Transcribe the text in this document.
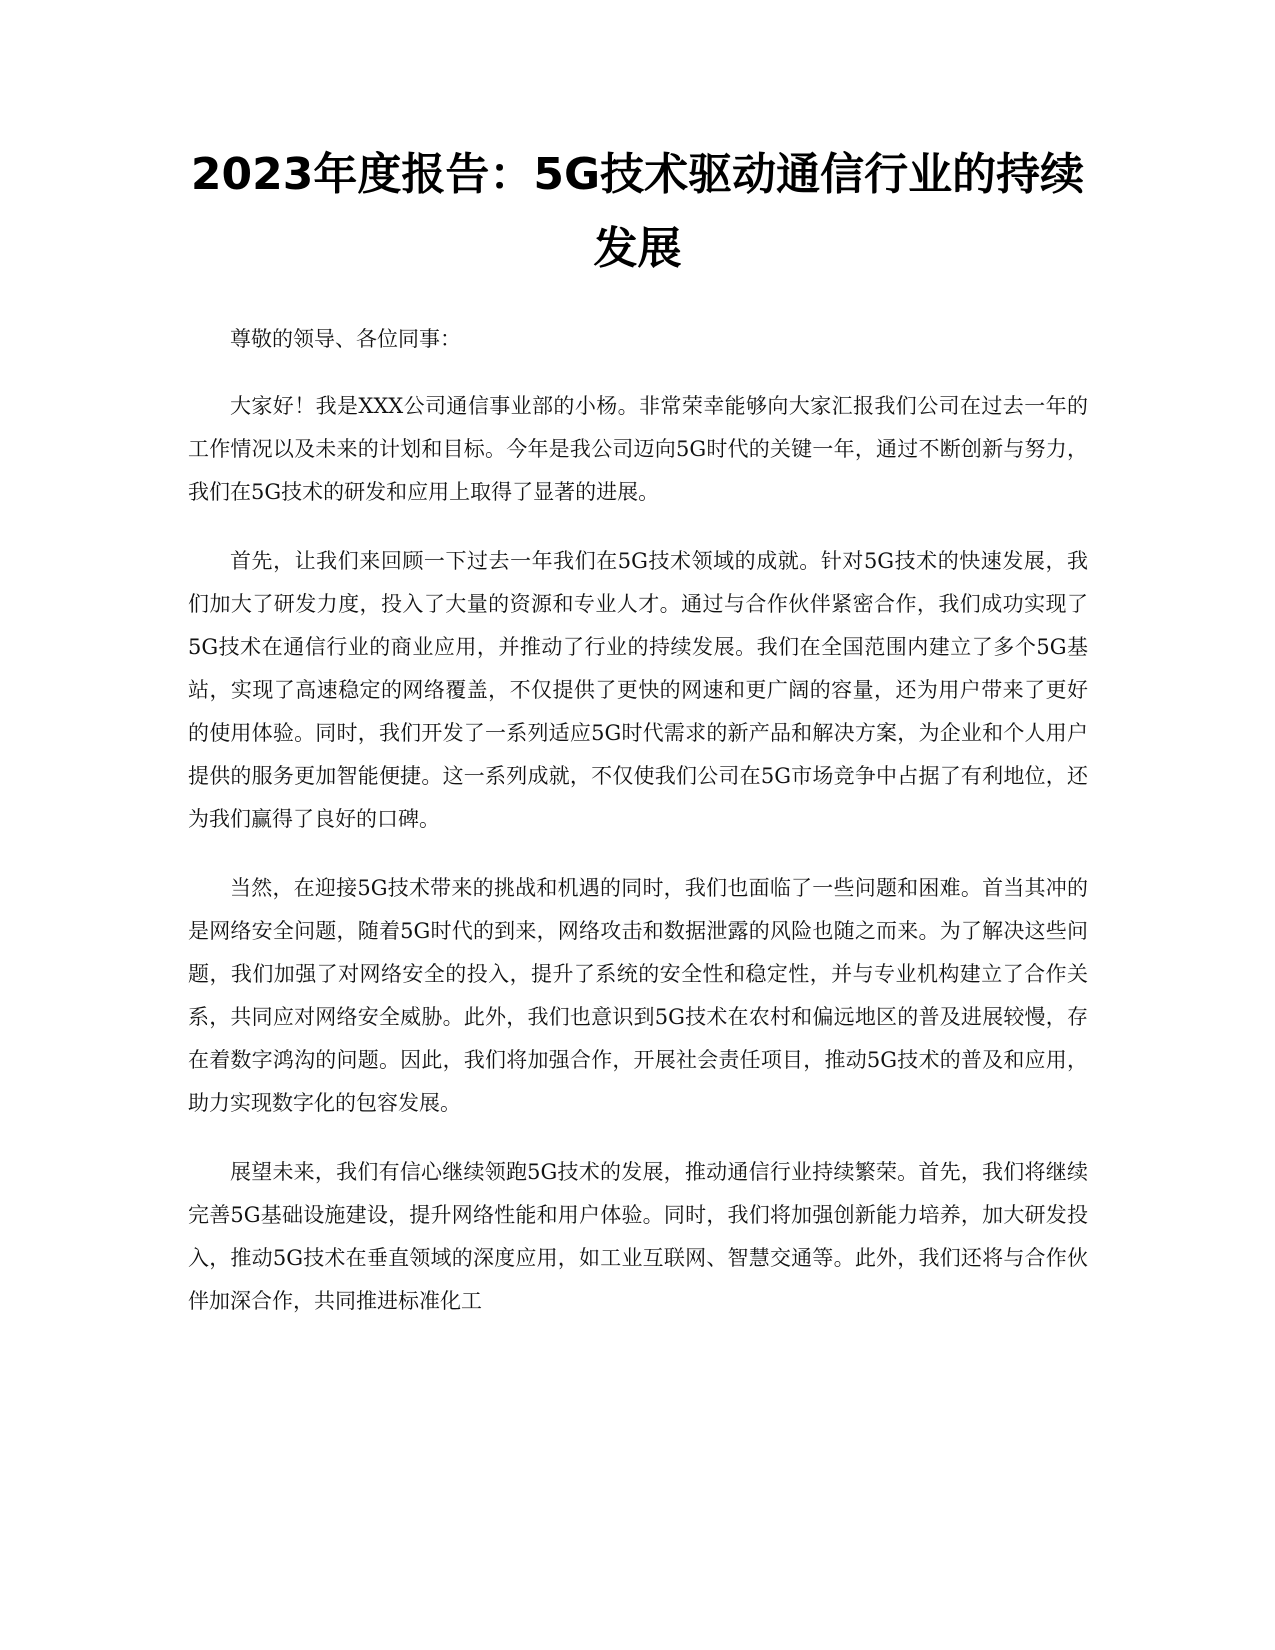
2023年度报告：5G技术驱动通信行业的持续发展

尊敬的领导、各位同事：

大家好！我是XXX公司通信事业部的小杨。非常荣幸能够向大家汇报我们公司在过去一年的工作情况以及未来的计划和目标。今年是我公司迈向5G时代的关键一年，通过不断创新与努力，我们在5G技术的研发和应用上取得了显著的进展。

首先，让我们来回顾一下过去一年我们在5G技术领域的成就。针对5G技术的快速发展，我们加大了研发力度，投入了大量的资源和专业人才。通过与合作伙伴紧密合作，我们成功实现了5G技术在通信行业的商业应用，并推动了行业的持续发展。我们在全国范围内建立了多个5G基站，实现了高速稳定的网络覆盖，不仅提供了更快的网速和更广阔的容量，还为用户带来了更好的使用体验。同时，我们开发了一系列适应5G时代需求的新产品和解决方案，为企业和个人用户提供的服务更加智能便捷。这一系列成就，不仅使我们公司在5G市场竞争中占据了有利地位，还为我们赢得了良好的口碑。

当然，在迎接5G技术带来的挑战和机遇的同时，我们也面临了一些问题和困难。首当其冲的是网络安全问题，随着5G时代的到来，网络攻击和数据泄露的风险也随之而来。为了解决这些问题，我们加强了对网络安全的投入，提升了系统的安全性和稳定性，并与专业机构建立了合作关系，共同应对网络安全威胁。此外，我们也意识到5G技术在农村和偏远地区的普及进展较慢，存在着数字鸿沟的问题。因此，我们将加强合作，开展社会责任项目，推动5G技术的普及和应用，助力实现数字化的包容发展。

展望未来，我们有信心继续领跑5G技术的发展，推动通信行业持续繁荣。首先，我们将继续完善5G基础设施建设，提升网络性能和用户体验。同时，我们将加强创新能力培养，加大研发投入，推动5G技术在垂直领域的深度应用，如工业互联网、智慧交通等。此外，我们还将与合作伙伴加深合作，共同推进标准化工
